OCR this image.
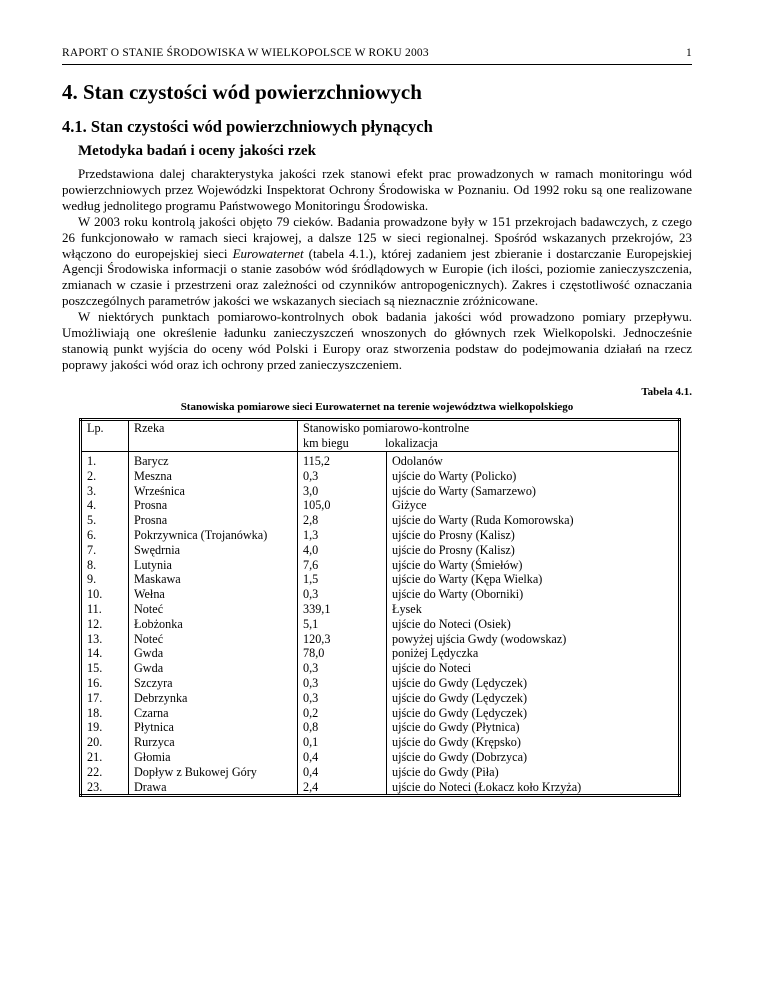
RAPORT O STANIE ŚRODOWISKA W WIELKOPOLSCE W ROKU 2003	1
4. Stan czystości wód powierzchniowych
4.1. Stan czystości wód powierzchniowych płynących
Metodyka badań i oceny jakości rzek

Przedstawiona dalej charakterystyka jakości rzek stanowi efekt prac prowadzonych w ramach monitoringu wód powierzchniowych przez Wojewódzki Inspektorat Ochrony Środowiska w Poznaniu. Od 1992 roku są one realizowane według jednolitego programu Państwowego Monitoringu Środowiska.

W 2003 roku kontrolą jakości objęto 79 cieków. Badania prowadzone były w 151 przekrojach badawczych, z czego 26 funkcjonowało w ramach sieci krajowej, a dalsze 125 w sieci regionalnej. Spośród wskazanych przekrojów, 23 włączono do europejskiej sieci Eurowaternet (tabela 4.1.), której zadaniem jest zbieranie i dostarczanie Europejskiej Agencji Środowiska informacji o stanie zasobów wód śródlądowych w Europie (ich ilości, poziomie zanieczyszczenia, zmianach w czasie i przestrzeni oraz zależności od czynników antropogenicznych). Zakres i częstotliwość oznaczania poszczególnych parametrów jakości we wskazanych sieciach są nieznacznie zróżnicowane.

W niektórych punktach pomiarowo-kontrolnych obok badania jakości wód prowadzono pomiary przepływu. Umożliwiają one określenie ładunku zanieczyszczeń wnoszonych do głównych rzek Wielkopolski. Jednocześnie stanowią punkt wyjścia do oceny wód Polski i Europy oraz stworzenia podstaw do podejmowania działań na rzecz poprawy jakości wód oraz ich ochrony przed zanieczyszczeniem.

Tabela 4.1.
Stanowiska pomiarowe sieci Eurowaternet na terenie województwa wielkopolskiego
Lp.	Rzeka	Stanowisko pomiarowo-kontrolne
km biegu lokalizacja	

1.	Barycz	115,2	Odolanów
2.	Meszna	0,3	ujście do Warty (Policko)
3.	Wrześnica	3,0	ujście do Warty (Samarzewo)
4.	Prosna	105,0	Giżyce
5.	Prosna	2,8	ujście do Warty (Ruda Komorowska)
6.	Pokrzywnica (Trojanówka)	1,3	ujście do Prosny (Kalisz)
7.	Swędrnia	4,0	ujście do Prosny (Kalisz)
8.	Lutynia	7,6	ujście do Warty (Śmiełów)
9.	Maskawa	1,5	ujście do Warty (Kępa Wielka)
10.	Wełna	0,3	ujście do Warty (Oborniki)
11.	Noteć	339,1	Łysek
12.	Łobżonka	5,1	ujście do Noteci (Osiek)
13.	Noteć	120,3	powyżej ujścia Gwdy (wodowskaz)
14.	Gwda	78,0	poniżej Lędyczka
15.	Gwda	0,3	ujście do Noteci
16.	Szczyra	0,3	ujście do Gwdy (Lędyczek)
17.	Debrzynka	0,3	ujście do Gwdy (Lędyczek)
18.	Czarna	0,2	ujście do Gwdy (Lędyczek)
19.	Płytnica	0,8	ujście do Gwdy (Płytnica)
20.	Rurzyca	0,1	ujście do Gwdy (Krępsko)
21.	Głomia	0,4	ujście do Gwdy (Dobrzyca)
22.	Dopływ z Bukowej Góry	0,4	ujście do Gwdy (Piła)
23.	Drawa	2,4	ujście do Noteci (Łokacz koło Krzyża)
